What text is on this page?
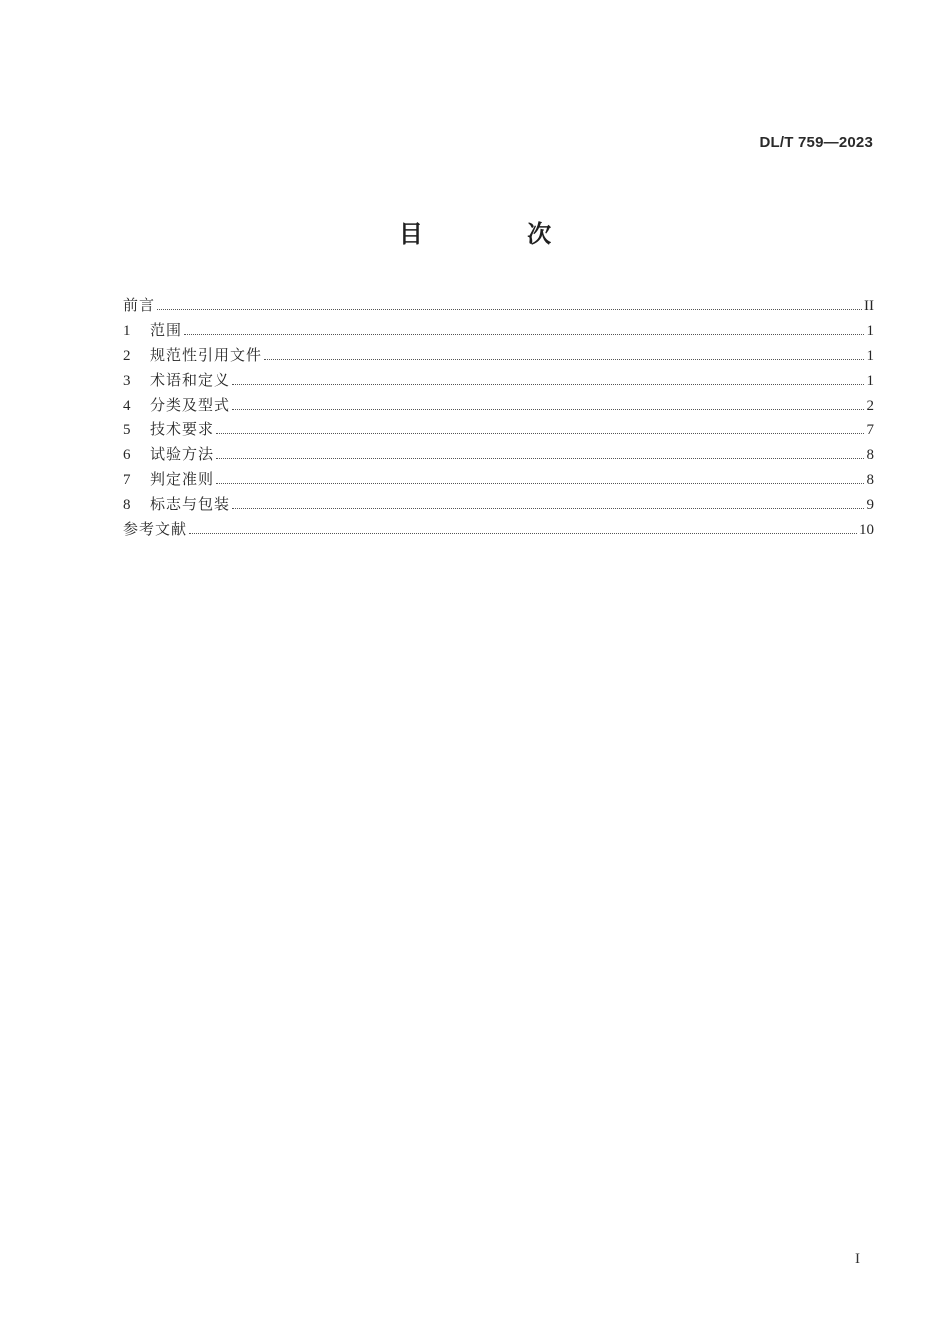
DL/T 759—2023
目 次
前言	II
1	范围	1
2	规范性引用文件	1
3	术语和定义	1
4	分类及型式	2
5	技术要求	7
6	试验方法	8
7	判定准则	8
8	标志与包装	9
参考文献	10
I
